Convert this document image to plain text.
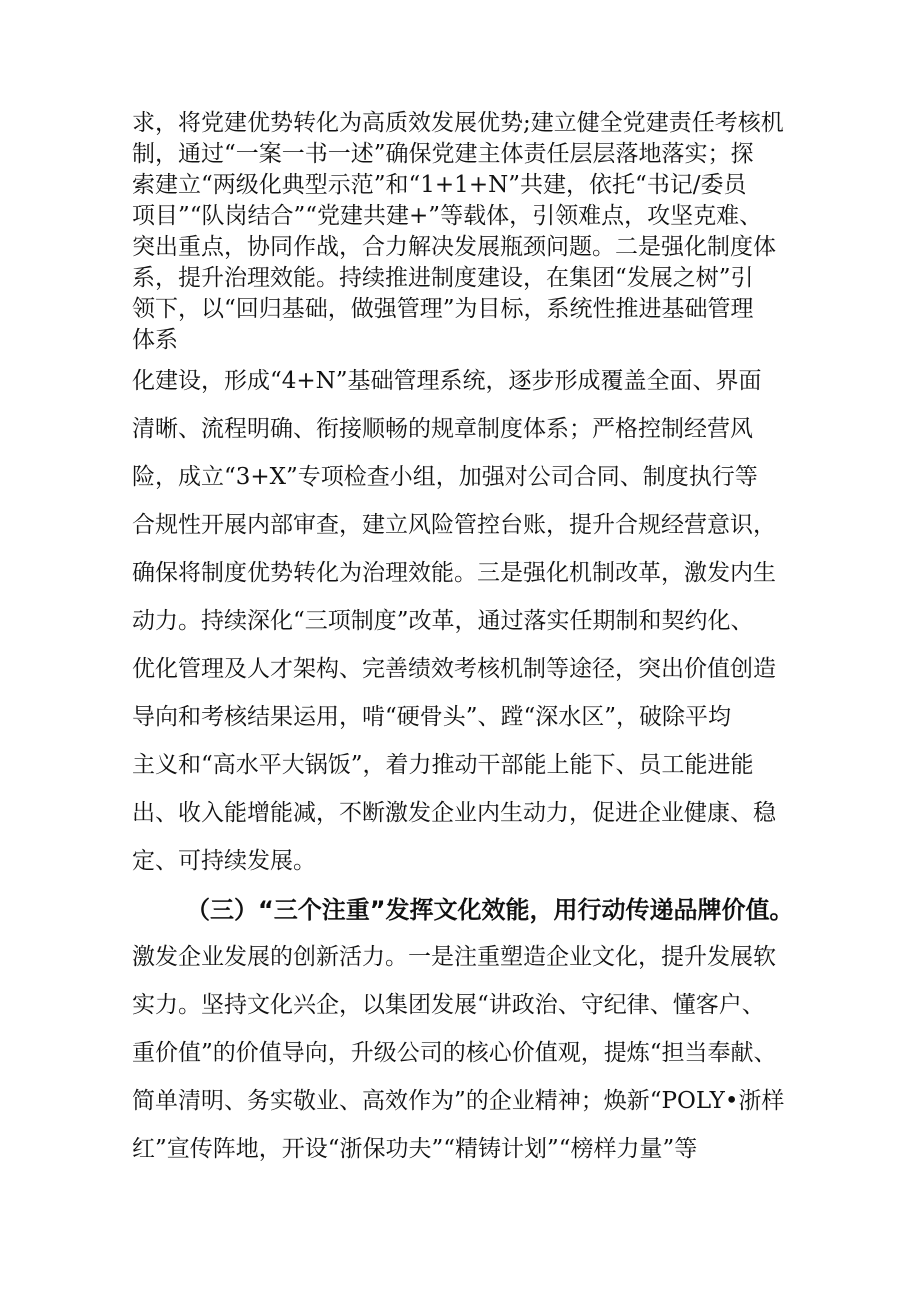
求，将党建优势转化为高质效发展优势;建立健全党建责任考核机
制，通过“一案一书一述”确保党建主体责任层层落地落实；探
索建立“两级化典型示范”和“1+1+N”共建，依托“书记/委员
项目”“队岗结合”“党建共建+”等载体，引领难点，攻坚克难、
突出重点，协同作战，合力解决发展瓶颈问题。二是强化制度体
系，提升治理效能。持续推进制度建设，在集团“发展之树”引
领下，以“回归基础，做强管理”为目标，系统性推进基础管理
体系
化建设，形成“4+N”基础管理系统，逐步形成覆盖全面、界面
清晰、流程明确、衔接顺畅的规章制度体系；严格控制经营风
险，成立“3+X”专项检查小组，加强对公司合同、制度执行等
合规性开展内部审查，建立风险管控台账，提升合规经营意识，
确保将制度优势转化为治理效能。三是强化机制改革，激发内生
动力。持续深化“三项制度”改革，通过落实任期制和契约化、
优化管理及人才架构、完善绩效考核机制等途径，突出价值创造
导向和考核结果运用，啃“硬骨头”、蹚“深水区”，破除平均
主义和“高水平大锅饭”，着力推动干部能上能下、员工能进能
出、收入能增能减，不断激发企业内生动力，促进企业健康、稳
定、可持续发展。
（三）“三个注重”发挥文化效能，用行动传递品牌价值。
激发企业发展的创新活力。一是注重塑造企业文化，提升发展软
实力。坚持文化兴企，以集团发展“讲政治、守纪律、懂客户、
重价值”的价值导向，升级公司的核心价值观，提炼“担当奉献、
简单清明、务实敬业、高效作为”的企业精神；焕新“POLY•浙样
红”宣传阵地，开设“浙保功夫”“精铸计划”“榜样力量”等
